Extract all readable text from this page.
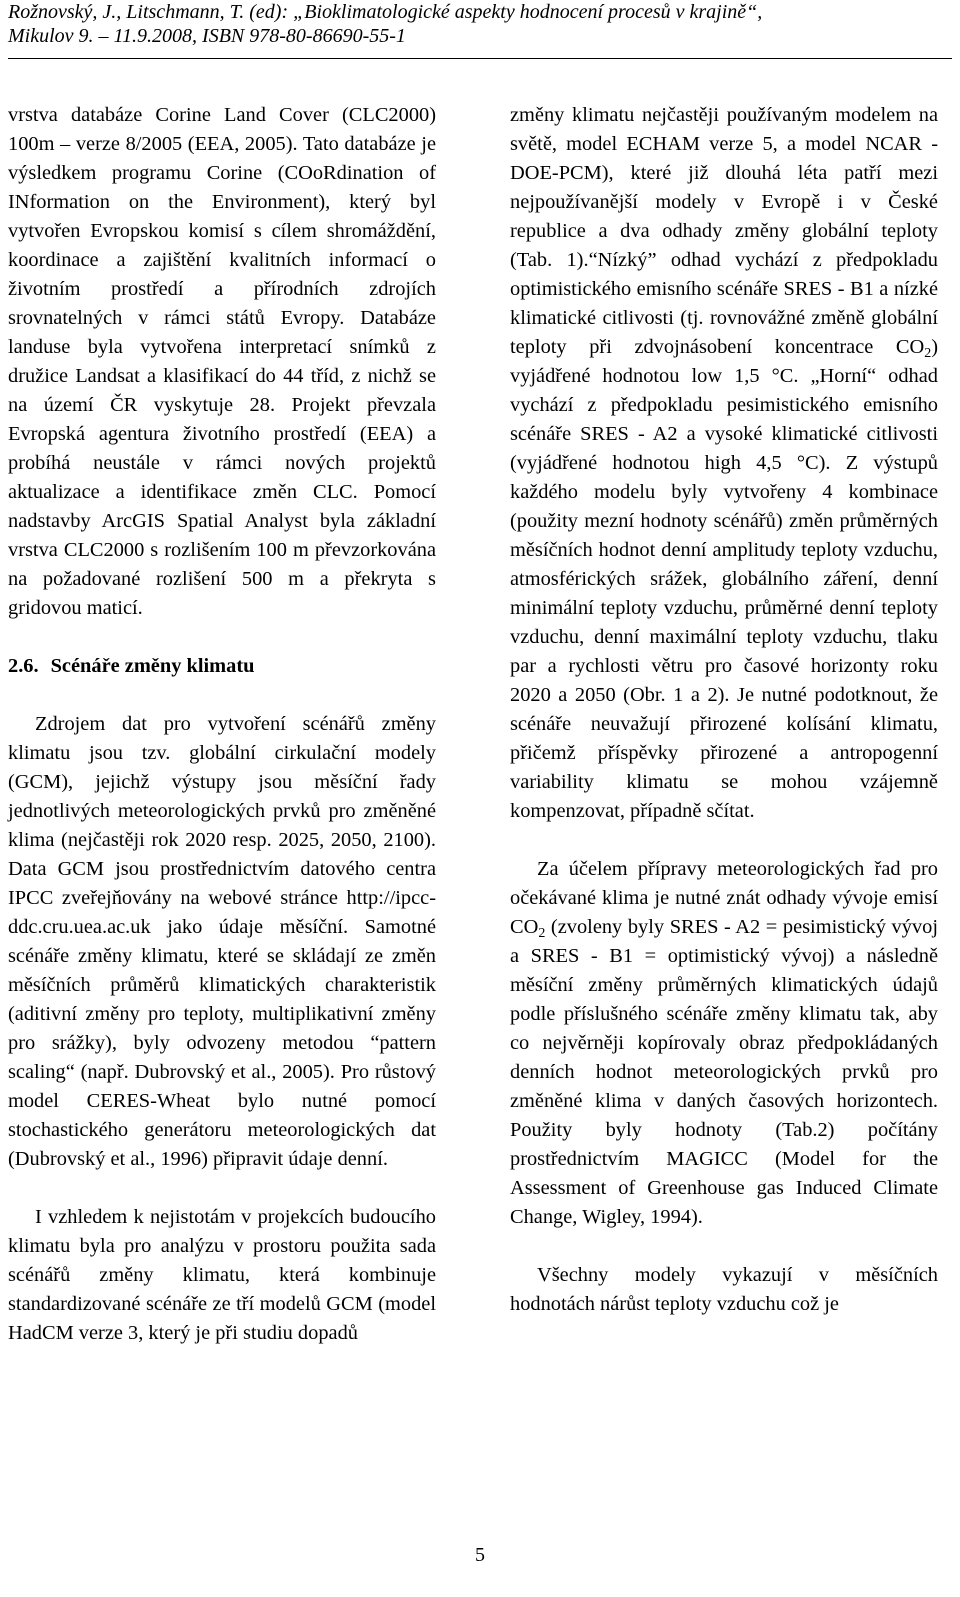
Rožnovský, J., Litschmann, T. (ed): „Bioklimatologické aspekty hodnocení procesů v krajině“,
Mikulov 9. – 11.9.2008, ISBN 978-80-86690-55-1

vrstva databáze Corine Land Cover (CLC2000) 100m – verze 8/2005 (EEA, 2005). Tato databáze je výsledkem programu Corine (COoRdination of INformation on the Environment), který byl vytvořen Evropskou komisí s cílem shromáždění, koordinace a zajištění kvalitních informací o životním prostředí a přírodních zdrojích srovnatelných v rámci států Evropy. Databáze landuse byla vytvořena interpretací snímků z družice Landsat a klasifikací do 44 tříd, z nichž se na území ČR vyskytuje 28. Projekt převzala Evropská agentura životního prostředí (EEA) a probíhá neustále v rámci nových projektů aktualizace a identifikace změn CLC. Pomocí nadstavby ArcGIS Spatial Analyst byla základní vrstva CLC2000 s rozlišením 100 m převzorkována na požadované rozlišení 500 m a překryta s gridovou maticí.

2.6. Scénáře změny klimatu

Zdrojem dat pro vytvoření scénářů změny klimatu jsou tzv. globální cirkulační modely (GCM), jejichž výstupy jsou měsíční řady jednotlivých meteorologických prvků pro změněné klima (nejčastěji rok 2020 resp. 2025, 2050, 2100). Data GCM jsou prostřednictvím datového centra IPCC zveřejňovány na webové stránce http://ipcc-ddc.cru.uea.ac.uk jako údaje měsíční. Samotné scénáře změny klimatu, které se skládají ze změn měsíčních průměrů klimatických charakteristik (aditivní změny pro teploty, multiplikativní změny pro srážky), byly odvozeny metodou “pattern scaling“ (např. Dubrovský et al., 2005). Pro růstový model CERES-Wheat bylo nutné pomocí stochastického generátoru meteorologických dat (Dubrovský et al., 1996) připravit údaje denní.

I vzhledem k nejistotám v projekcích budoucího klimatu byla pro analýzu v prostoru použita sada scénářů změny klimatu, která kombinuje standardizované scénáře ze tří modelů GCM (model HadCM verze 3, který je při studiu dopadů

změny klimatu nejčastěji používaným modelem na světě, model ECHAM verze 5, a model NCAR - DOE-PCM), které již dlouhá léta patří mezi nejpoužívanější modely v Evropě i v České republice a dva odhady změny globální teploty (Tab. 1).“Nízký” odhad vychází z předpokladu optimistického emisního scénáře SRES - B1 a nízké klimatické citlivosti (tj. rovnovážné změně globální teploty při zdvojnásobení koncentrace $CO_2$) vyjádřené hodnotou low 1,5 °C. „Horní“ odhad vychází z předpokladu pesimistického emisního scénáře SRES - A2 a vysoké klimatické citlivosti (vyjádřené hodnotou high 4,5 °C). Z výstupů každého modelu byly vytvořeny 4 kombinace (použity mezní hodnoty scénářů) změn průměrných měsíčních hodnot denní amplitudy teploty vzduchu, atmosférických srážek, globálního záření, denní minimální teploty vzduchu, průměrné denní teploty vzduchu, denní maximální teploty vzduchu, tlaku par a rychlosti větru pro časové horizonty roku 2020 a 2050 (Obr. 1 a 2). Je nutné podotknout, že scénáře neuvažují přirozené kolísání klimatu, přičemž příspěvky přirozené a antropogenní variability klimatu se mohou vzájemně kompenzovat, případně sčítat.

Za účelem přípravy meteorologických řad pro očekávané klima je nutné znát odhady vývoje emisí $CO_2$ (zvoleny byly SRES - A2 = pesimistický vývoj a SRES - B1 = optimistický vývoj) a následně měsíční změny průměrných klimatických údajů podle příslušného scénáře změny klimatu tak, aby co nejvěrněji kopírovaly obraz předpokládaných denních hodnot meteorologických prvků pro změněné klima v daných časových horizontech. Použity byly hodnoty (Tab.2) počítány prostřednictvím MAGICC (Model for the Assessment of Greenhouse gas Induced Climate Change, Wigley, 1994).

Všechny modely vykazují v měsíčních hodnotách nárůst teploty vzduchu což je

5
